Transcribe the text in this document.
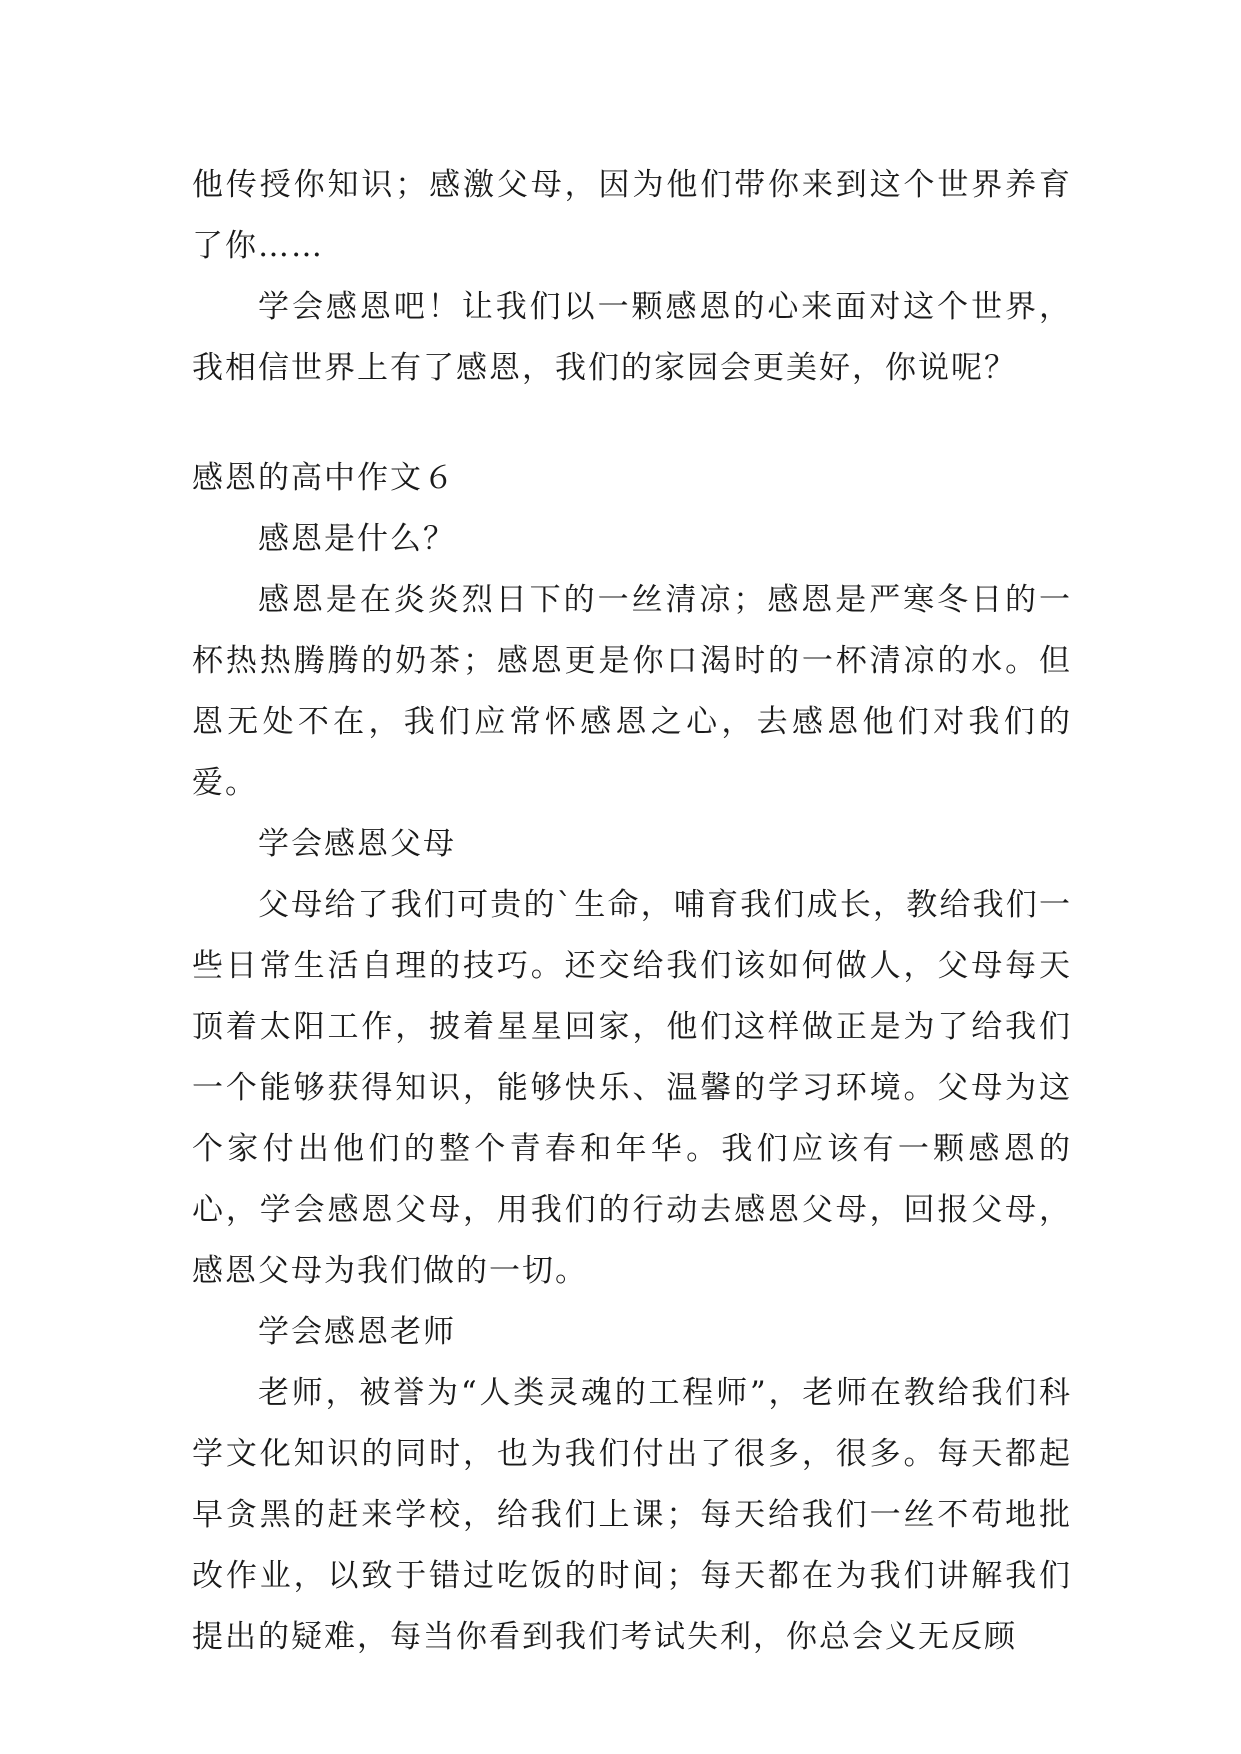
他传授你知识；感激父母，因为他们带你来到这个世界养育了你……

学会感恩吧！让我们以一颗感恩的心来面对这个世界，我相信世界上有了感恩，我们的家园会更美好，你说呢？

感恩的高中作文６

感恩是什么？

感恩是在炎炎烈日下的一丝清凉；感恩是严寒冬日的一杯热热腾腾的奶茶；感恩更是你口渴时的一杯清凉的水。但恩无处不在，我们应常怀感恩之心，去感恩他们对我们的爱。

学会感恩父母

父母给了我们可贵的`生命，哺育我们成长，教给我们一些日常生活自理的技巧。还交给我们该如何做人，父母每天顶着太阳工作，披着星星回家，他们这样做正是为了给我们一个能够获得知识，能够快乐、温馨的学习环境。父母为这个家付出他们的整个青春和年华。我们应该有一颗感恩的心，学会感恩父母，用我们的行动去感恩父母，回报父母，感恩父母为我们做的一切。

学会感恩老师

老师，被誉为“人类灵魂的工程师”，老师在教给我们科学文化知识的同时，也为我们付出了很多，很多。每天都起早贪黑的赶来学校，给我们上课；每天给我们一丝不苟地批改作业，以致于错过吃饭的时间；每天都在为我们讲解我们提出的疑难，每当你看到我们考试失利，你总会义无反顾
